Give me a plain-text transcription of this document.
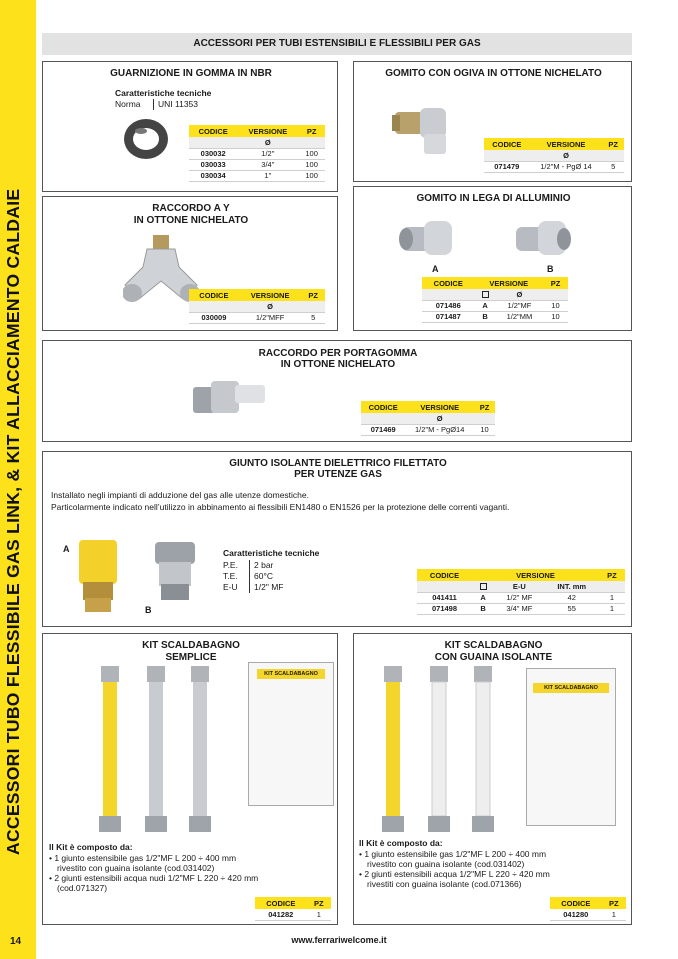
ACCESSORI TUBO FLESSIBILE GAS LINK, & KIT ALLACCIAMENTO CALDAIE
14
ACCESSORI PER TUBI ESTENSIBILI E FLESSIBILI PER GAS
GUARNIZIONE IN GOMMA IN NBR
Caratteristiche tecniche
Norma	UNI 11353
CODICE	VERSIONE	PZ
	Ø	
030032	1/2"	100
030033	3/4"	100
030034	1"	100
GOMITO CON OGIVA IN OTTONE NICHELATO
CODICE	VERSIONE	PZ
	Ø	
071479	1/2"M - PgØ 14	5
RACCORDO A Y
IN OTTONE NICHELATO
CODICE	VERSIONE	PZ
	Ø	
030009	1/2"MFF	5
GOMITO IN LEGA DI ALLUMINIO
A	B
CODICE	VERSIONE		PZ
		Ø	
071486	A	1/2"MF	10
071487	B	1/2"MM	10
RACCORDO PER PORTAGOMMA
IN OTTONE NICHELATO
CODICE	VERSIONE	PZ
	Ø	
071469	1/2"M - PgØ14	10
GIUNTO ISOLANTE DIELETTRICO FILETTATO
PER UTENZE GAS
Installato negli impianti di adduzione del gas alle utenze domestiche.
Particolarmente indicato nell’utilizzo in abbinamento ai flessibili EN1480 o EN1526 per la protezione delle correnti vaganti.
A
B
Caratteristiche tecniche
P.E.	2 bar
T.E.	60°C
E-U	1/2" MF
CODICE	VERSIONE			PZ
		E-U	INT. mm	
041411	A	1/2" MF	42	1
071498	B	3/4" MF	55	1
KIT SCALDABAGNO
SEMPLICE
KIT SCALDABAGNO
Il Kit è composto da:
• 1 giunto estensibile gas 1/2"MF L 200 ÷ 400 mm
rivestito con guaina isolante (cod.031402)
• 2 giunti estensibili acqua nudi 1/2"MF L 220 ÷ 420 mm
(cod.071327)
CODICE	PZ
041282	1
KIT SCALDABAGNO
CON GUAINA ISOLANTE
KIT SCALDABAGNO
Il Kit è composto da:
• 1 giunto estensibile gas 1/2"MF L 200 ÷ 400 mm
rivestito con guaina isolante (cod.031402)
• 2 giunti estensibili acqua 1/2"MF L 220 ÷ 420 mm
rivestiti con guaina isolante (cod.071366)
CODICE	PZ
041280	1
www.ferrariwelcome.it
